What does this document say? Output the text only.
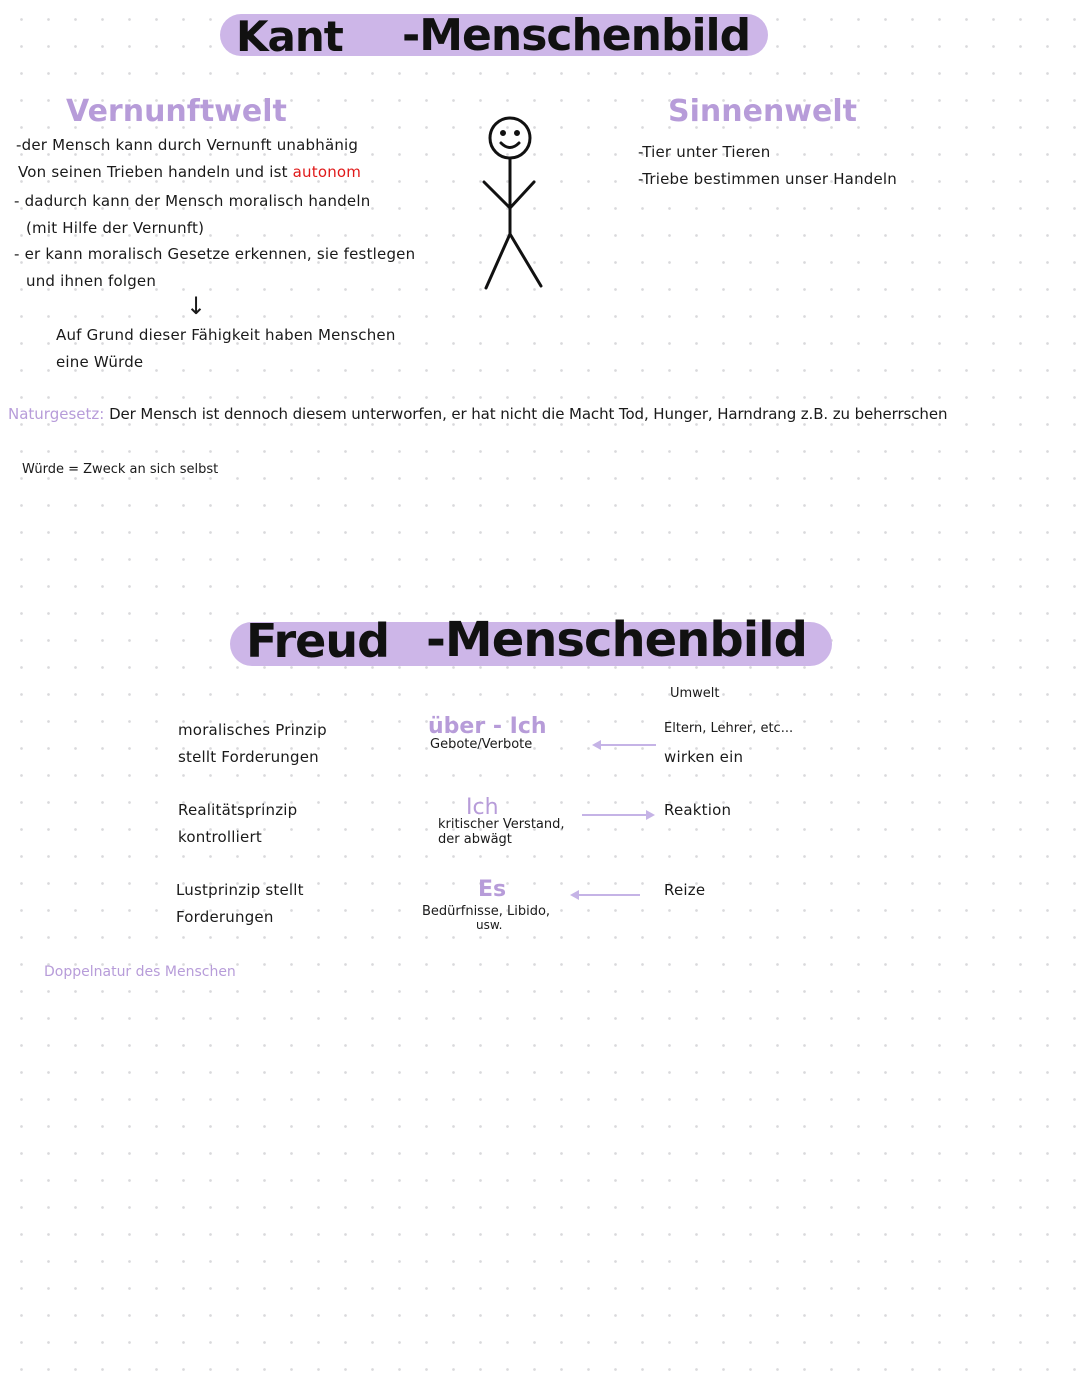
Kant -Menschenbild
Vernunftwelt
-der Mensch kann durch Vernunft unabhänig
Von seinen Trieben handeln und ist autonom
- dadurch kann der Mensch moralisch handeln
(mit Hilfe der Vernunft)
- er kann moralisch Gesetze erkennen, sie festlegen
und ihnen folgen
↓
Auf Grund dieser Fähigkeit haben Menschen
eine Würde
Sinnenwelt
-Tier unter Tieren
-Triebe bestimmen unser Handeln
Naturgesetz: Der Mensch ist dennoch diesem unterworfen, er hat nicht die Macht Tod, Hunger, Harndrang z.B. zu beherrschen
Würde = Zweck an sich selbst
Freud -Menschenbild
Umwelt
moralisches Prinzip
stellt Forderungen
über - Ich
Gebote/Verbote
Eltern, Lehrer, etc...
wirken ein
Realitätsprinzip
kontrolliert
Ich
kritischer Verstand,
der abwägt
Reaktion
Lustprinzip stellt
Forderungen
Es
Bedürfnisse, Libido,
usw.
Reize
Doppelnatur des Menschen
